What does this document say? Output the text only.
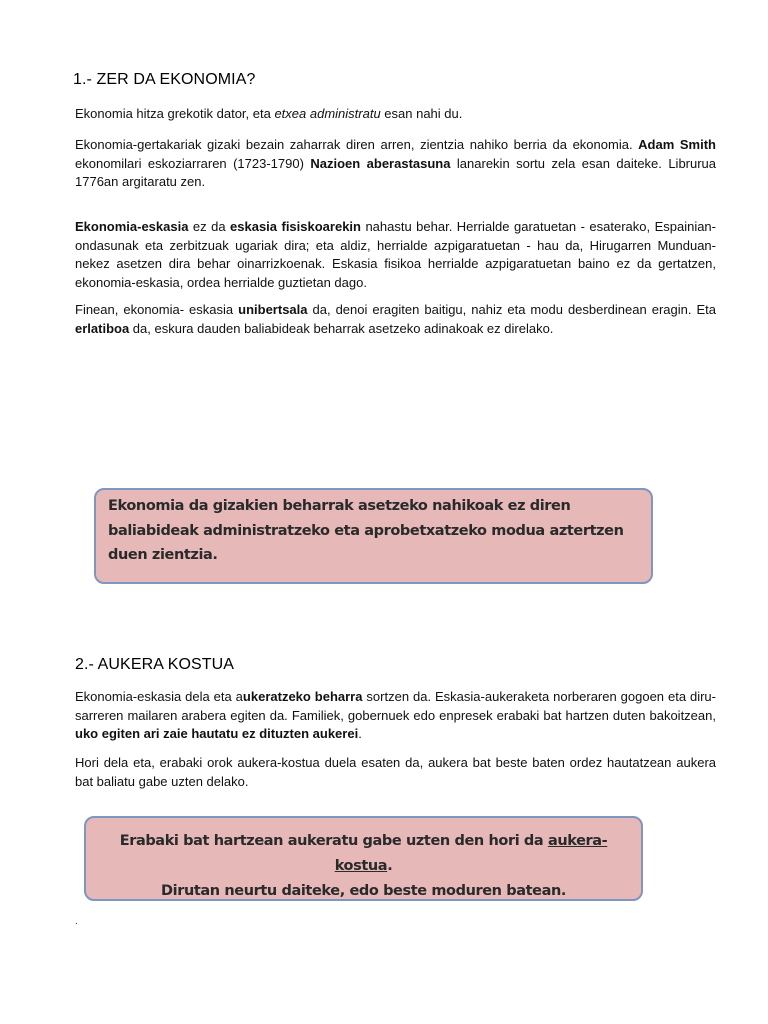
1.- ZER DA EKONOMIA?

Ekonomia hitza grekotik dator, eta etxea administratu esan nahi du.

Ekonomia-gertakariak gizaki bezain zaharrak diren arren, zientzia nahiko berria da ekonomia. Adam Smith ekonomilari eskoziarraren (1723-1790) Nazioen aberastasuna lanarekin sortu zela esan daiteke. Librurua 1776an argitaratu zen.

Ekonomia-eskasia ez da eskasia fisiskoarekin nahastu behar. Herrialde garatuetan - esaterako, Espainian- ondasunak eta zerbitzuak ugariak dira; eta aldiz, herrialde azpigaratuetan - hau da, Hirugarren Munduan- nekez asetzen dira behar oinarrizkoenak. Eskasia fisikoa herrialde azpigaratuetan baino ez da gertatzen, ekonomia-eskasia, ordea herrialde guztietan dago.

Finean, ekonomia- eskasia unibertsala da, denoi eragiten baitigu, nahiz eta modu desberdinean eragin. Eta erlatiboa da, eskura dauden baliabideak beharrak asetzeko adinakoak ez direlako.

Ekonomia da gizakien beharrak asetzeko nahikoak ez diren
baliabideak administratzeko eta aprobetxatzeko modua aztertzen
duen zientzia.
2.- AUKERA KOSTUA

Ekonomia-eskasia dela eta aukeratzeko beharra sortzen da. Eskasia-aukeraketa norberaren gogoen eta diru-sarreren mailaren arabera egiten da. Familiek, gobernuek edo enpresek erabaki bat hartzen duten bakoitzean, uko egiten ari zaie hautatu ez dituzten aukerei.

Hori dela eta, erabaki orok aukera-kostua duela esaten da, aukera bat beste baten ordez hautatzean aukera bat baliatu gabe uzten delako.

Erabaki bat hartzean aukeratu gabe uzten den hori da aukera-kostua.
Dirutan neurtu daiteke, edo beste moduren batean.
.
